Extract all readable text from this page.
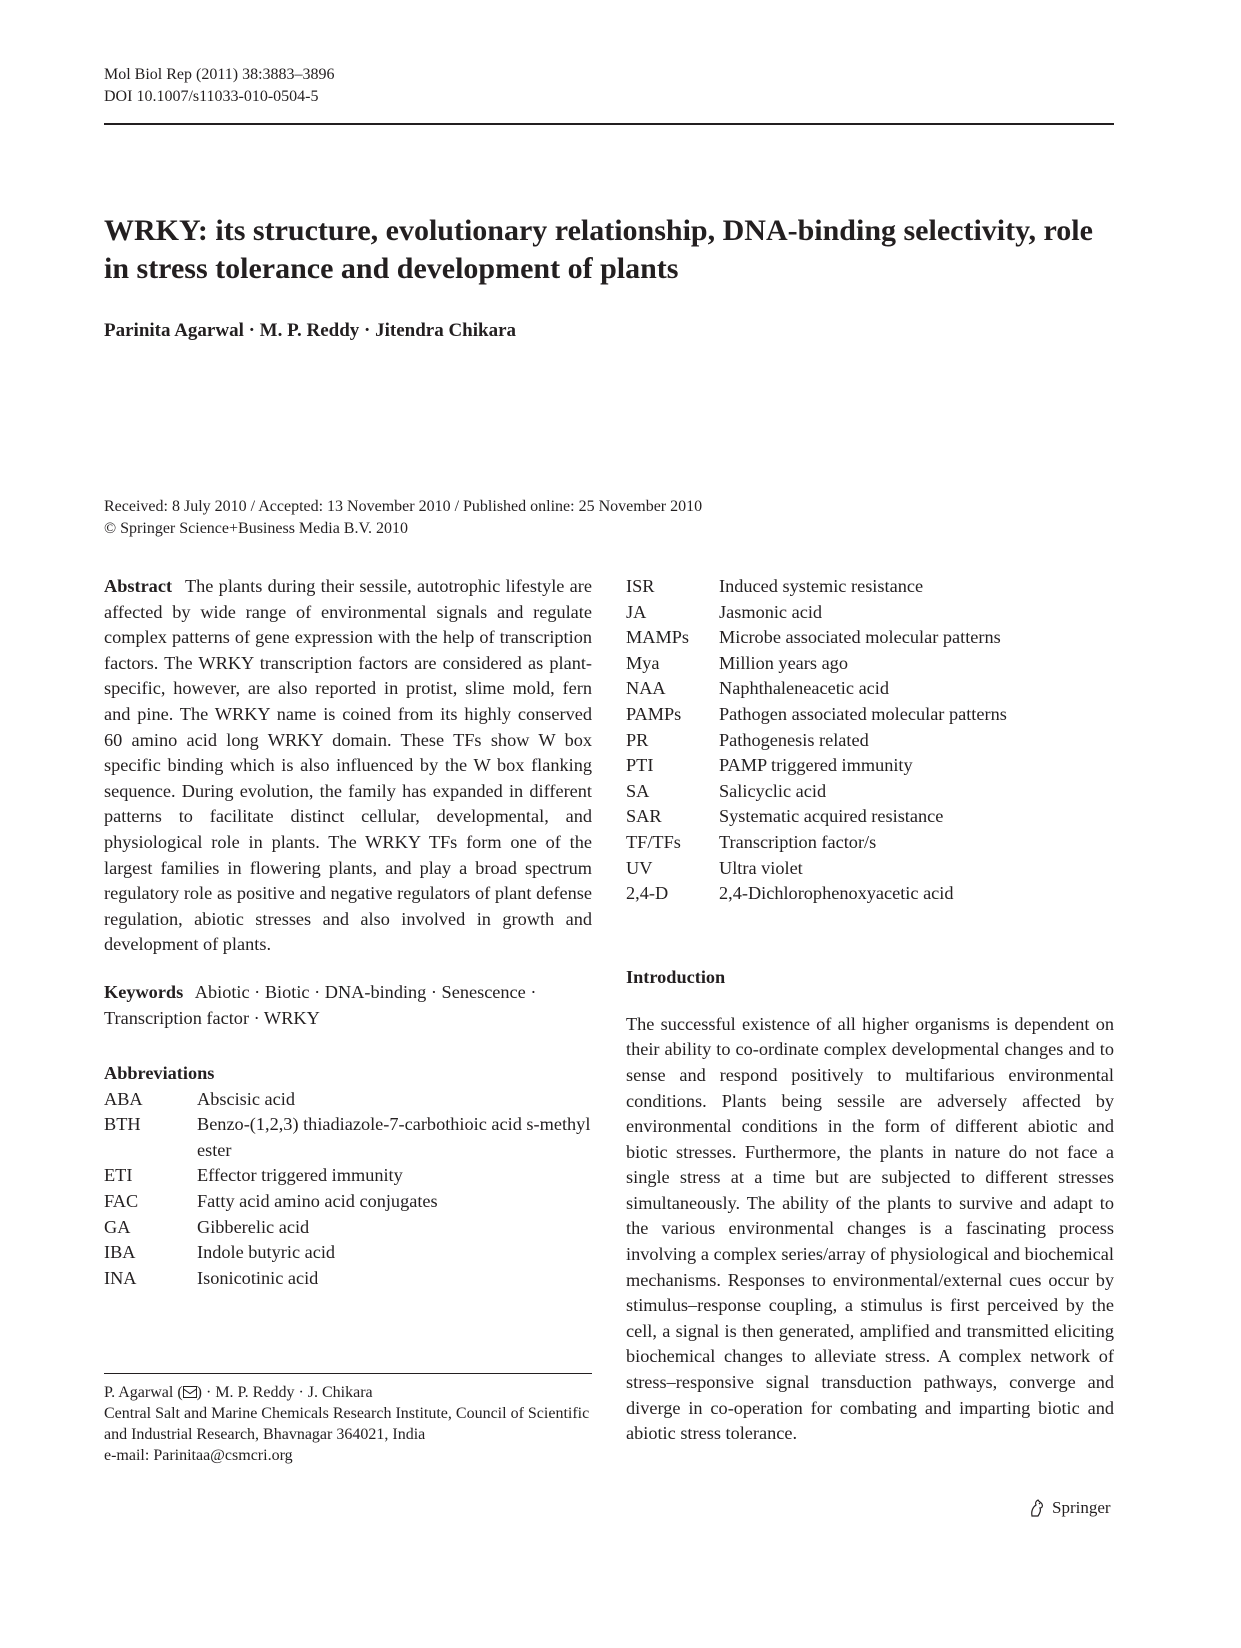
Mol Biol Rep (2011) 38:3883–3896
DOI 10.1007/s11033-010-0504-5
WRKY: its structure, evolutionary relationship, DNA-binding selectivity, role in stress tolerance and development of plants
Parinita Agarwal · M. P. Reddy · Jitendra Chikara
Received: 8 July 2010 / Accepted: 13 November 2010 / Published online: 25 November 2010
© Springer Science+Business Media B.V. 2010

Abstract The plants during their sessile, autotrophic lifestyle are affected by wide range of environmental signals and regulate complex patterns of gene expression with the help of transcription factors. The WRKY transcription factors are considered as plant-specific, however, are also reported in protist, slime mold, fern and pine. The WRKY name is coined from its highly conserved 60 amino acid long WRKY domain. These TFs show W box specific binding which is also influenced by the W box flanking sequence. During evolution, the family has expanded in different patterns to facilitate distinct cellular, developmental, and physiological role in plants. The WRKY TFs form one of the largest families in flowering plants, and play a broad spectrum regulatory role as positive and negative regulators of plant defense regulation, abiotic stresses and also involved in growth and development of plants.

Keywords Abiotic · Biotic · DNA-binding · Senescence · Transcription factor · WRKY

Abbreviations
ABA	Abscisic acid
BTH	Benzo-(1,2,3) thiadiazole-7-carbothioic acid s-methyl ester
ETI	Effector triggered immunity
FAC	Fatty acid amino acid conjugates
GA	Gibberelic acid
IBA	Indole butyric acid
INA	Isonicotinic acid
P. Agarwal ( ) · M. P. Reddy · J. Chikara
Central Salt and Marine Chemicals Research Institute, Council of Scientific and Industrial Research, Bhavnagar 364021, India
e-mail: Parinitaa@csmcri.org
ISR	Induced systemic resistance
JA	Jasmonic acid
MAMPs	Microbe associated molecular patterns
Mya	Million years ago
NAA	Naphthaleneacetic acid
PAMPs	Pathogen associated molecular patterns
PR	Pathogenesis related
PTI	PAMP triggered immunity
SA	Salicyclic acid
SAR	Systematic acquired resistance
TF/TFs	Transcription factor/s
UV	Ultra violet
2,4-D	2,4-Dichlorophenoxyacetic acid
Introduction

The successful existence of all higher organisms is dependent on their ability to co-ordinate complex developmental changes and to sense and respond positively to multifarious environmental conditions. Plants being sessile are adversely affected by environmental conditions in the form of different abiotic and biotic stresses. Furthermore, the plants in nature do not face a single stress at a time but are subjected to different stresses simultaneously. The ability of the plants to survive and adapt to the various environmental changes is a fascinating process involving a complex series/array of physiological and biochemical mechanisms. Responses to environmental/external cues occur by stimulus–response coupling, a stimulus is first perceived by the cell, a signal is then generated, amplified and transmitted eliciting biochemical changes to alleviate stress. A complex network of stress–responsive signal transduction pathways, converge and diverge in co-operation for combating and imparting biotic and abiotic stress tolerance.

Springer
